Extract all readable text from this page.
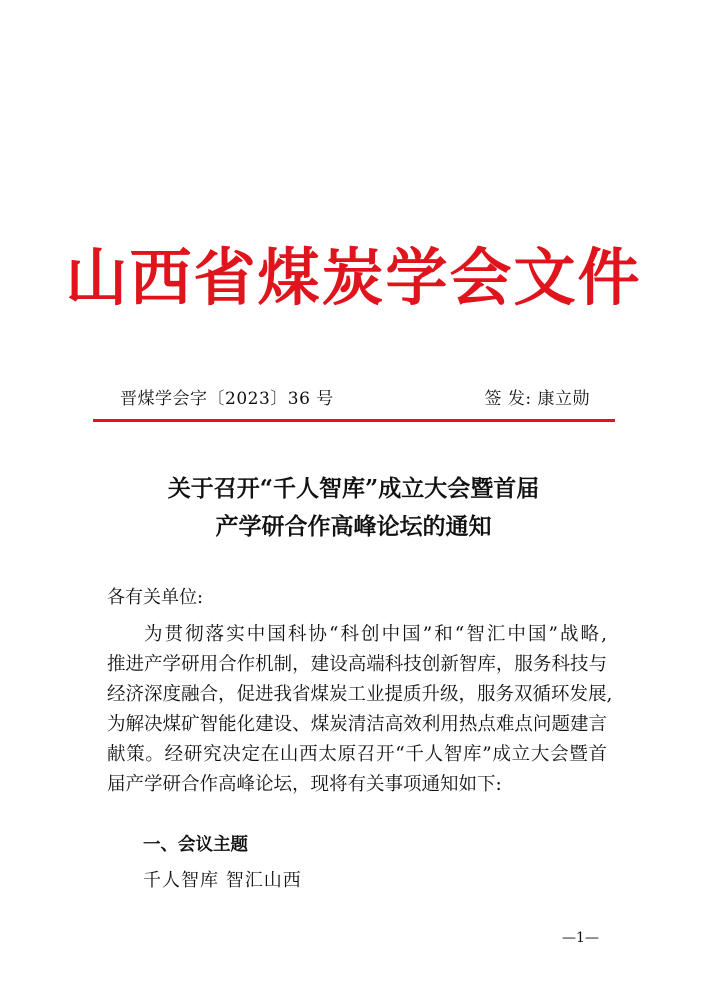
山西省煤炭学会文件
晋煤学会字〔2023〕36 号	签 发: 康立勋
关于召开“千人智库”成立大会暨首届
产学研合作高峰论坛的通知
各有关单位:
为贯彻落实中国科协“科创中国”和“智汇中国”战略,
推进产学研用合作机制，建设高端科技创新智库，服务科技与
经济深度融合，促进我省煤炭工业提质升级，服务双循环发展,
为解决煤矿智能化建设、煤炭清洁高效利用热点难点问题建言
献策。经研究决定在山西太原召开“千人智库”成立大会暨首
届产学研合作高峰论坛，现将有关事项通知如下:
一、会议主题
千人智库 智汇山西
—1—
